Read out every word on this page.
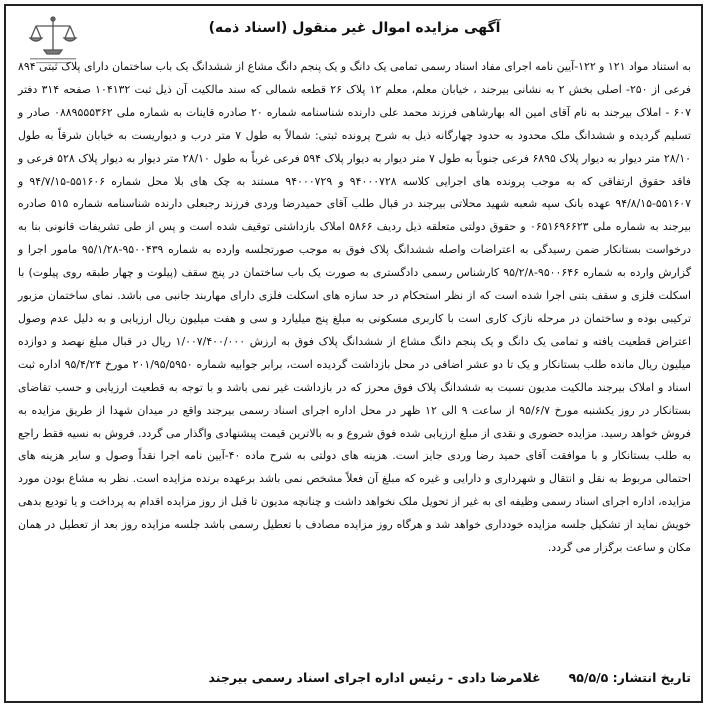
آگهی مزایده اموال غیر منقول (اسناد ذمه)
به استناد مواد ۱۲۱ و ۱۲۲-آیین نامه اجرای مفاد اسناد رسمی تمامی یک دانگ و یک پنجم دانگ مشاع از ششدانگ یک باب ساختمان دارای پلاک ثبتی ۸۹۴ فرعی از ۲۵۰- اصلی بخش ۲ به نشانی بیرجند ، خیابان معلم، معلم ۱۲ پلاک ۲۶ قطعه شمالی که سند مالکیت آن ذیل ثبت ۱۰۴۱۳۲ صفحه ۳۱۴ دفتر ۶۰۷ - املاک بیرجند به نام آقای امین اله بهارشاهی فرزند محمد علی دارنده شناسنامه شماره ۲۰ صادره قاینات به شماره ملی ۰۸۸۹۵۵۵۳۶۲ صادر و تسلیم گردیده و ششدانگ ملک محدود به حدود چهارگانه ذیل به شرح پرونده ثبتی: شمالاً به طول ۷ متر درب و دیواریست به خیابان شرقاً به طول ۲۸/۱۰ متر دیوار به دیوار پلاک ۶۸۹۵ فرعی جنوباً به طول ۷ متر دیوار به دیوار پلاک ۵۹۴ فرعی غرباً به طول ۲۸/۱۰ متر دیوار به دیوار پلاک ۵۲۸ فرعی و فاقد حقوق ارتفاقی که به موجب پرونده های اجرایی کلاسه ۹۴۰۰۰۷۲۸ و ۹۴۰۰۰۷۲۹ مستند به چک های بلا محل شماره ۵۵۱۶۰۶-۹۴/۷/۱۵ و ۵۵۱۶۰۷-۹۴/۸/۱۵ عهده بانک سپه شعبه شهید محلاتی بیرجند در قبال طلب آقای حمیدرضا وردی فرزند رجبعلی دارنده شناسنامه شماره ۵۱۵ صادره بیرجند به شماره ملی ۰۶۵۱۶۹۶۶۲۳ و حقوق دولتی متعلقه ذیل ردیف ۵۸۶۶ املاک بازداشتی توقیف شده است و پس از طی تشریفات قانونی بنا به درخواست بستانکار ضمن رسیدگی به اعتراضات واصله ششدانگ پلاک فوق به موجب صورتجلسه وارده به شماره ۹۵۰۰۴۳۹-۹۵/۱/۲۸ مامور اجرا و گزارش وارده به شماره ۹۵۰۰۶۴۶-۹۵/۲/۸ کارشناس رسمی دادگستری به صورت یک باب ساختمان در پنج سقف (پیلوت و چهار طبقه روی پیلوت) با اسکلت فلزی و سقف بتنی اجرا شده است که از نظر استحکام در حد سازه های اسکلت فلزی دارای مهاربند جانبی می باشد. نمای ساختمان مزبور ترکیبی بوده و ساختمان در مرحله نازک کاری است با کاربری مسکونی به مبلغ پنج میلیارد و سی و هفت میلیون ریال ارزیابی و به دلیل عدم وصول اعتراض قطعیت یافته و تمامی یک دانگ و یک پنجم دانگ مشاع از ششدانگ پلاک فوق به ارزش ۱/۰۰۷/۴۰۰/۰۰۰ ریال در قبال مبلغ نهصد و دوازده میلیون ریال مانده طلب بستانکار و یک تا دو عشر اضافی در محل بازداشت گردیده است، برابر جوابیه شماره ۲۰۱/۹۵/۵۹۵۰ مورخ ۹۵/۴/۲۴ اداره ثبت اسناد و املاک بیرجند مالکیت مدیون نسبت به ششدانگ پلاک فوق محرز که در بازداشت غیر نمی باشد و با توجه به قطعیت ارزیابی و حسب تقاضای بستانکار در روز یکشنبه مورخ ۹۵/۶/۷ از ساعت ۹ الی ۱۲ ظهر در محل اداره اجرای اسناد رسمی بیرجند واقع در میدان شهدا از طریق مزایده به فروش خواهد رسید. مزایده حضوری و نقدی از مبلغ ارزیابی شده فوق شروع و به بالاترین قیمت پیشنهادی واگذار می گردد. فروش به نسیه فقط راجع به طلب بستانکار و با موافقت آقای حمید رضا وردی جایز است. هزینه های دولتی به شرح ماده ۴۰-آیین نامه اجرا نقداً وصول و سایر هزینه های احتمالی مربوط به نقل و انتقال و شهرداری و دارایی و غیره که مبلغ آن فعلاً مشخص نمی باشد برعهده برنده مزایده است. نظر به مشاع بودن مورد مزایده، اداره اجرای اسناد رسمی وظیفه ای به غیر از تحویل ملک نخواهد داشت و چنانچه مدیون تا قبل از روز مزایده اقدام به پرداخت و یا تودیع بدهی خویش نماید از تشکیل جلسه مزایده خودداری خواهد شد و هرگاه روز مزایده مصادف با تعطیل رسمی باشد جلسه مزایده روز بعد از تعطیل در همان مکان و ساعت برگزار می گردد.
تاریخ انتشار: ۹۵/۵/۵
غلامرضا دادی - رئیس اداره اجرای اسناد رسمی بیرجند
